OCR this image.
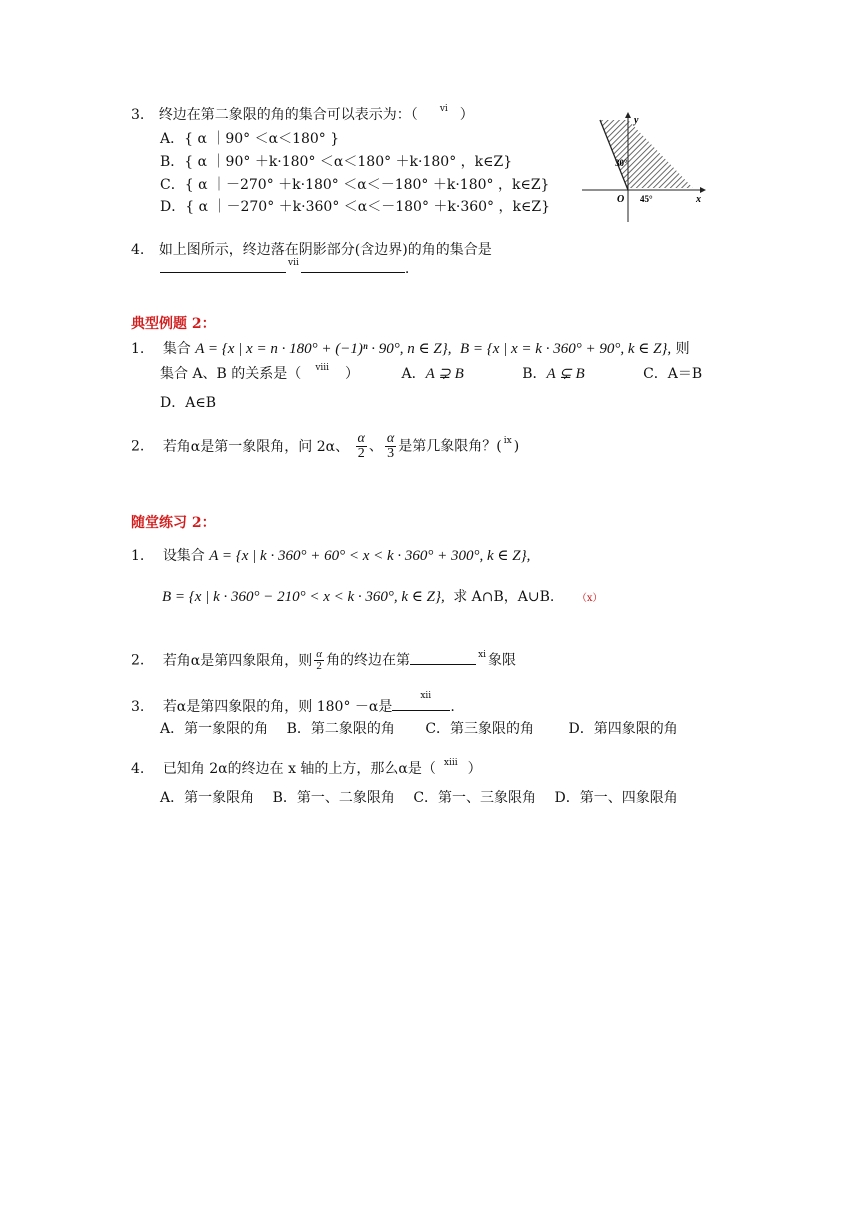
3. 终边在第二象限的角的集合可以表示为：（ $^{vi}$ ）
A．{ α ｜90° ＜α＜180° }
B．{ α ｜90° ＋k·180° ＜α＜180° ＋k·180° ，k∈Z}
C．{ α ｜－270° ＋k·180° ＜α＜－180° ＋k·180° ，k∈Z}
D．{ α ｜－270° ＋k·360° ＜α＜－180° ＋k·360° ，k∈Z}
y
x
O
30°
45°
4. 如上图所示，终边落在阴影部分(含边界)的角的集合是
$^{vii}$	.
典型例题 2：
1. 集合 A = {x | x = n · 180° + (−1)ⁿ · 90°, n ∈ Z}, B = {x | x = k · 360° + 90°, k ∈ Z}, 则
集合 A、B 的关系是（ $^{viii}$ ）	A．A ⊋ B	B．A ⊊ B	C．A＝B
D．A∈B
2. 若角α是第一象限角，问 2α、 $\frac{\alpha}{2}$ 、 $\frac{\alpha}{3}$ 是第几象限角？( $^{ix}$ )
随堂练习 2：
1. 设集合 A = {x | k · 360° + 60° < x < k · 360° + 300°, k ∈ Z},
B = {x | k · 360° − 210° < x < k · 360°, k ∈ Z}, 求 A∩B，A∪B. （x）
2. 若角α是第四象限角，则 $\frac{\alpha}{2}$ 角的终边在第	$^{xi}$ 象限
3. 若α是第四象限的角，则 180° －α是
xii
.
A．第一象限的角 B．第二象限的角 C．第三象限的角 D．第四象限的角
4. 已知角 2α的终边在 x 轴的上方，那么α是（ $^{xiii}$ ）
A．第一象限角 B．第一、二象限角 C．第一、三象限角 D．第一、四象限角
